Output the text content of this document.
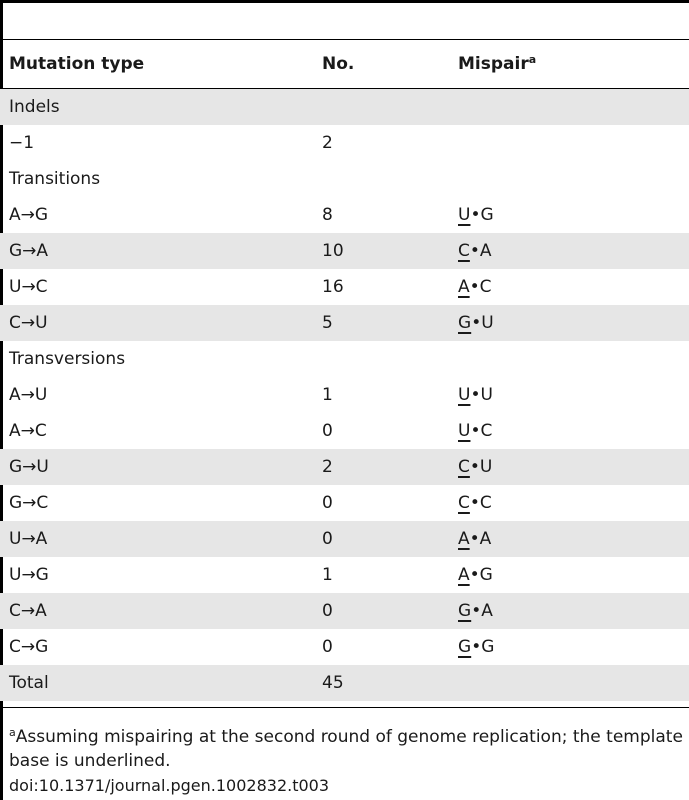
Mutation type	No.	Mispair$^a$
Indels
−1	2
Transitions
A→G	8	U•G
G→A	10	C•A
U→C	16	A•C
C→U	5	G•U
Transversions
A→U	1	U•U
A→C	0	U•C
G→U	2	C•U
G→C	0	C•C
U→A	0	A•A
U→G	1	A•G
C→A	0	G•A
C→G	0	G•G
Total	45
$^a$Assuming mispairing at the second round of genome replication; the template base is underlined.
doi:10.1371/journal.pgen.1002832.t003
